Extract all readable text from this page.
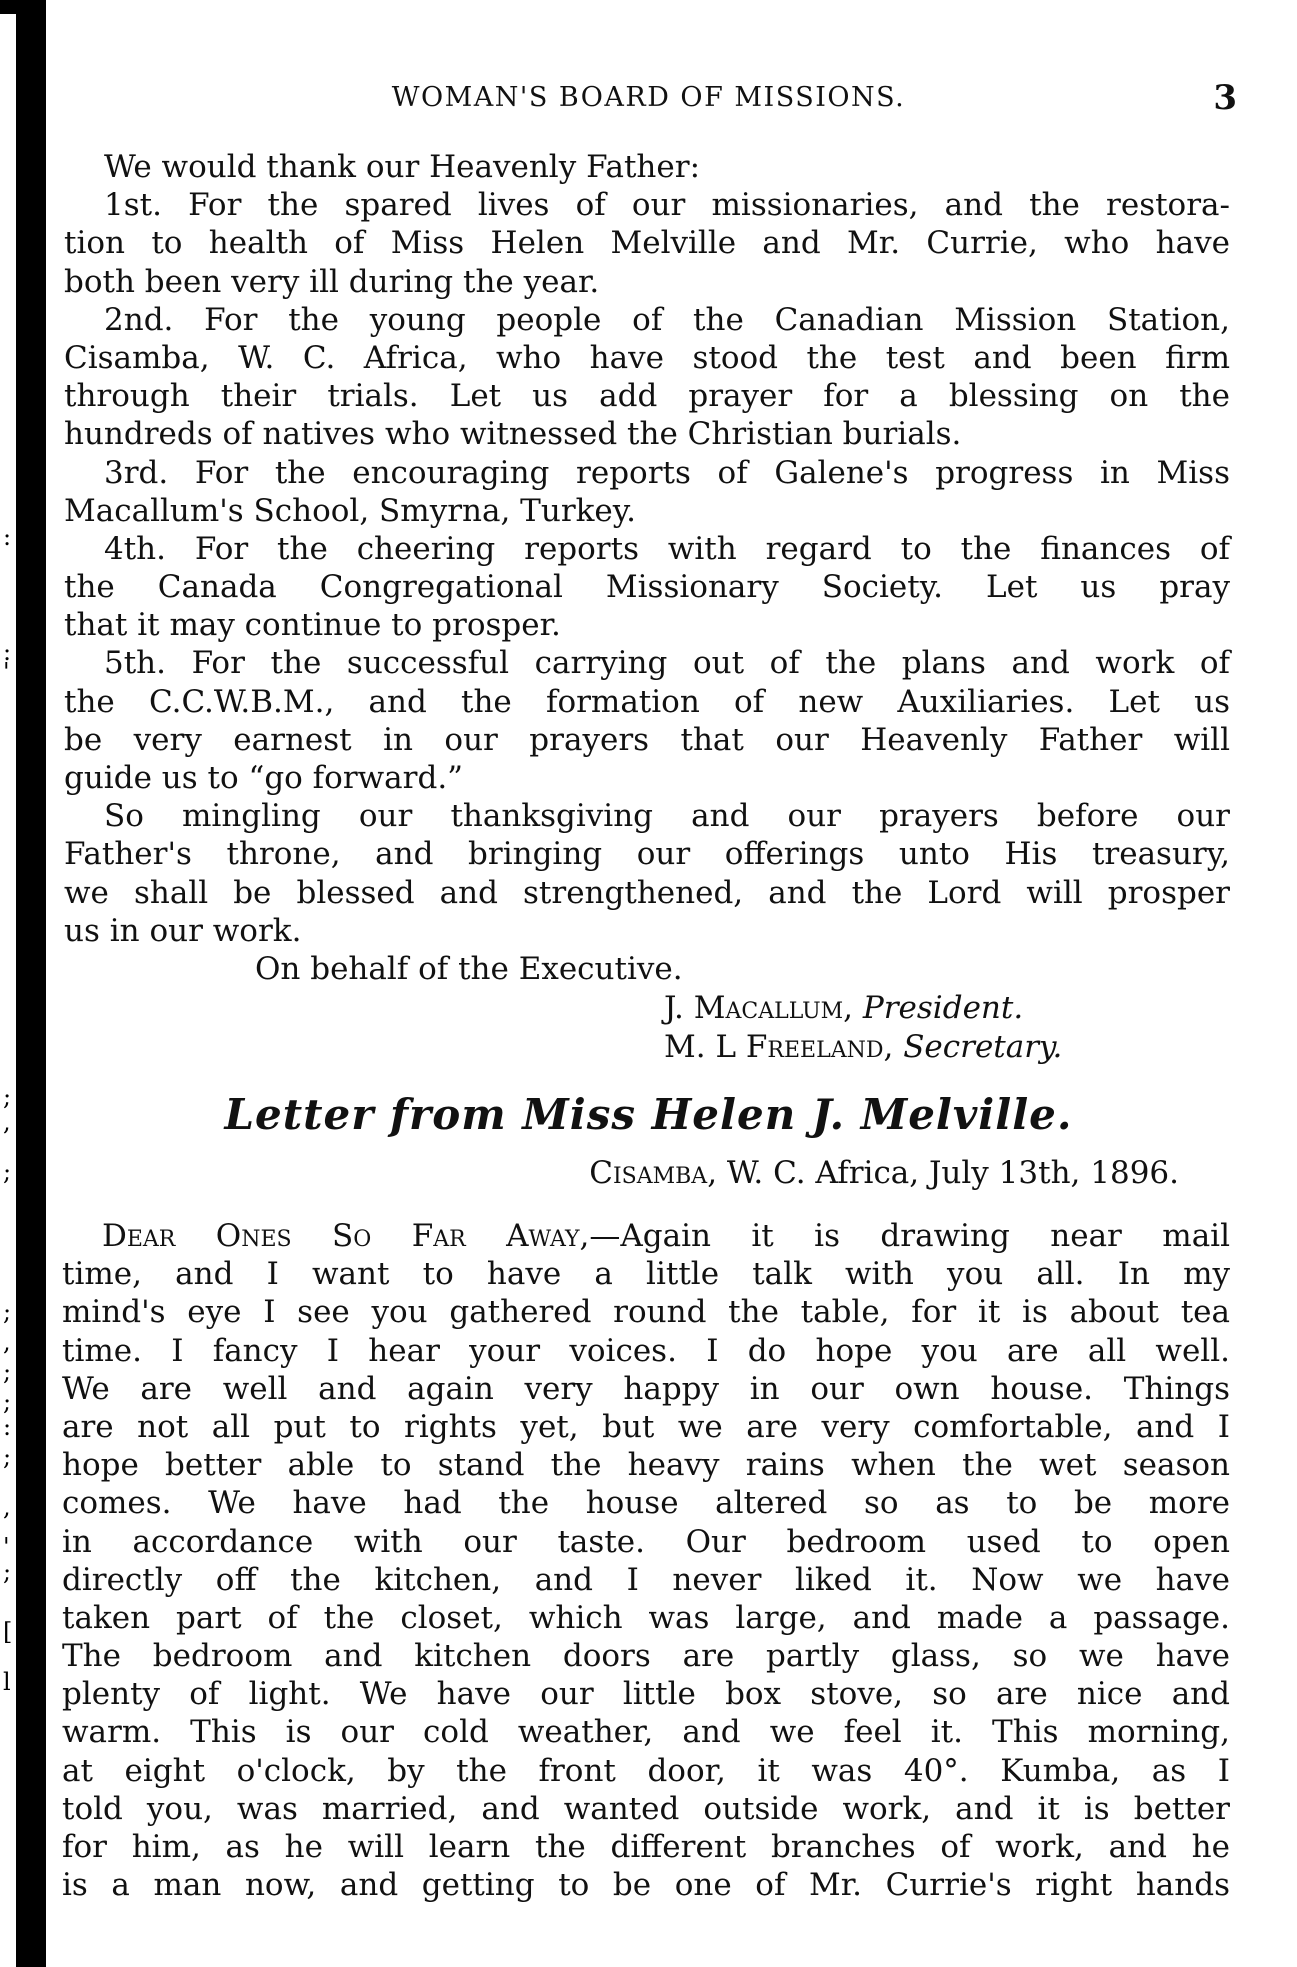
:
:
'
;
,
;
;
,
;
;
:
;
,
'
;
[
l
WOMAN'S BOARD OF MISSIONS.	3
We would thank our Heavenly Father:
1st. For the spared lives of our missionaries, and the restora-
tion to health of Miss Helen Melville and Mr. Currie, who have
both been very ill during the year.
2nd. For the young people of the Canadian Mission Station,
Cisamba, W. C. Africa, who have stood the test and been firm
through their trials. Let us add prayer for a blessing on the
hundreds of natives who witnessed the Christian burials.
3rd. For the encouraging reports of Galene's progress in Miss
Macallum's School, Smyrna, Turkey.
4th. For the cheering reports with regard to the finances of
the Canada Congregational Missionary Society. Let us pray
that it may continue to prosper.
5th. For the successful carrying out of the plans and work of
the C.C.W.B.M., and the formation of new Auxiliaries. Let us
be very earnest in our prayers that our Heavenly Father will
guide us to “go forward.”
So mingling our thanksgiving and our prayers before our
Father's throne, and bringing our offerings unto His treasury,
we shall be blessed and strengthened, and the Lord will prosper
us in our work.
On behalf of the Executive.
J. Macallum, President.
M. L Freeland, Secretary.
Letter from Miss Helen J. Melville.
Cisamba, W. C. Africa, July 13th, 1896.
Dear Ones So Far Away,—Again it is drawing near mail
time, and I want to have a little talk with you all. In my
mind's eye I see you gathered round the table, for it is about tea
time. I fancy I hear your voices. I do hope you are all well.
We are well and again very happy in our own house. Things
are not all put to rights yet, but we are very comfortable, and I
hope better able to stand the heavy rains when the wet season
comes. We have had the house altered so as to be more
in accordance with our taste. Our bedroom used to open
directly off the kitchen, and I never liked it. Now we have
taken part of the closet, which was large, and made a passage.
The bedroom and kitchen doors are partly glass, so we have
plenty of light. We have our little box stove, so are nice and
warm. This is our cold weather, and we feel it. This morning,
at eight o'clock, by the front door, it was 40°. Kumba, as I
told you, was married, and wanted outside work, and it is better
for him, as he will learn the different branches of work, and he
is a man now, and getting to be one of Mr. Currie's right hands
